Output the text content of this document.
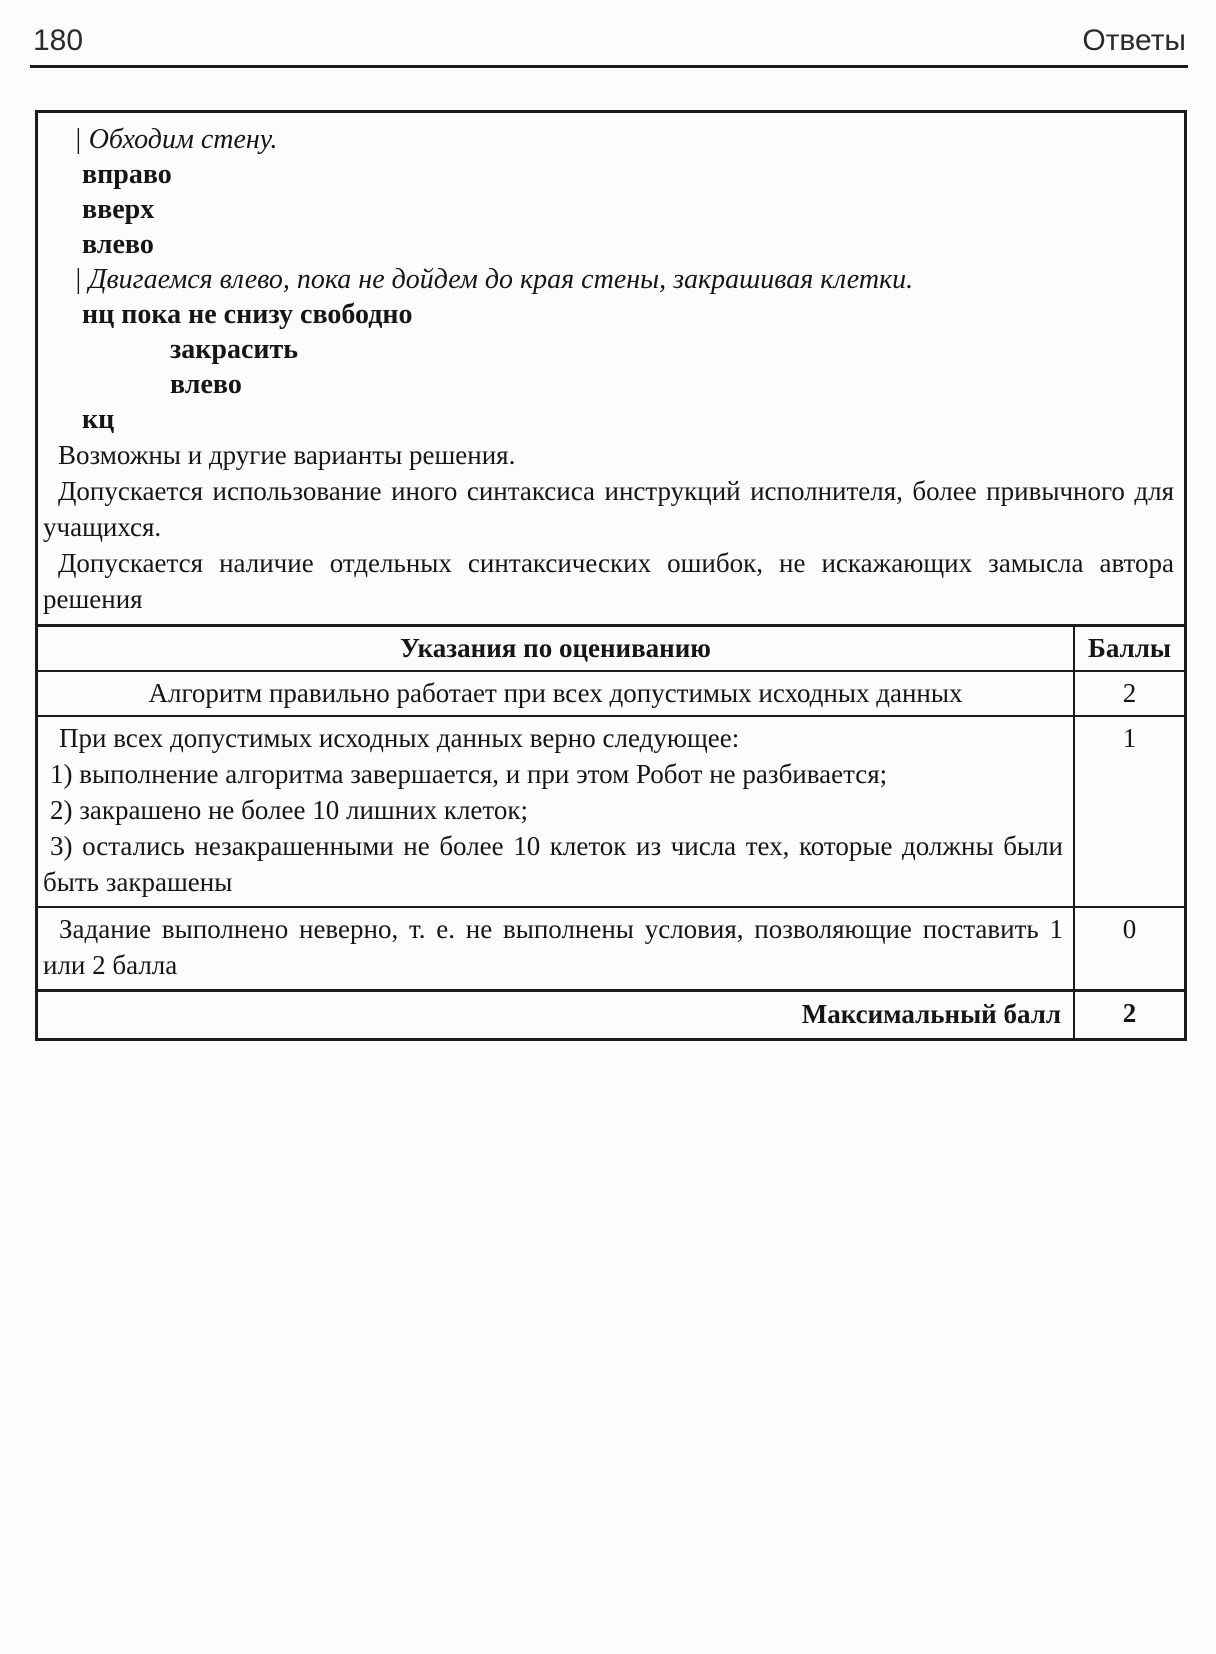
180	Ответы
| Обходим стену.
вправо
вверх
влево
| Двигаемся влево, пока не дойдем до края стены, закрашивая клетки.
нц пока не снизу свободно
закрасить
влево
кц

Возможны и другие варианты решения.

Допускается использование иного синтаксиса инструкций исполнителя, более привычного для учащихся.

Допускается наличие отдельных синтаксических ошибок, не искажающих замысла автора решения

Указания по оцениванию	Баллы
Алгоритм правильно работает при всех допустимых исходных данных	2

При всех допустимых исходных данных верно следующее:
1) выполнение алгоритма завершается, и при этом Робот не разбивается;
2) закрашено не более 10 лишних клеток;
3) остались незакрашенными не более 10 клеток из числа тех, которые должны были быть закрашены	1

Задание выполнено неверно, т. е. не выполнены условия, позволяющие поставить 1 или 2 балла	0
Максимальный балл	2
